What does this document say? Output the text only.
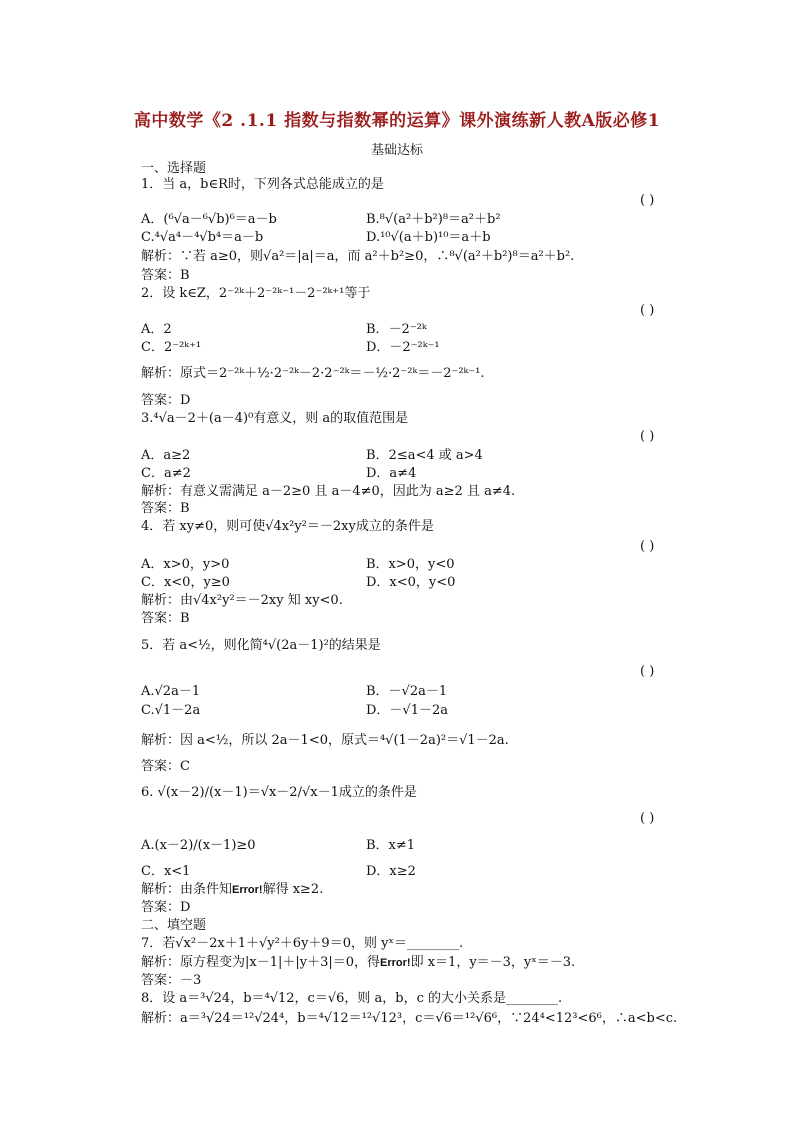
高中数学《2 .1.1 指数与指数幂的运算》课外演练新人教A版必修1
基础达标
一、选择题
1．当 a，b∈R时，下列各式总能成立的是
( )
A．(⁶√a－⁶√b)⁶＝a－b	B.⁸√(a²＋b²)⁸＝a²＋b²
C.⁴√a⁴－⁴√b⁴＝a－b	D.¹⁰√(a＋b)¹⁰＝a＋b
解析：∵若 a≥0，则√a²＝|a|＝a，而 a²＋b²≥0，∴⁸√(a²＋b²)⁸＝a²＋b².
答案：B
2．设 k∈Z，2⁻²ᵏ＋2⁻²ᵏ⁻¹－2⁻²ᵏ⁺¹等于
( )
A．2	B．－2⁻²ᵏ
C．2⁻²ᵏ⁺¹	D．－2⁻²ᵏ⁻¹
解析：原式＝2⁻²ᵏ＋½·2⁻²ᵏ－2·2⁻²ᵏ＝－½·2⁻²ᵏ＝－2⁻²ᵏ⁻¹.
答案：D
3.⁴√a－2＋(a－4)⁰有意义，则 a的取值范围是
( )
A．a≥2	B．2≤a<4 或 a>4
C．a≠2	D．a≠4
解析：有意义需满足 a－2≥0 且 a－4≠0，因此为 a≥2 且 a≠4.
答案：B
4．若 xy≠0，则可使√4x²y²＝－2xy成立的条件是
( )
A．x>0，y>0	B．x>0，y<0
C．x<0，y≥0	D．x<0，y<0
解析：由√4x²y²＝－2xy 知 xy<0.
答案：B
5．若 a<½，则化简⁴√(2a－1)²的结果是
( )
A.√2a－1	B．－√2a－1
C.√1－2a	D．－√1－2a
解析：因 a<½，所以 2a－1<0，原式＝⁴√(1－2a)²＝√1－2a.
答案：C
6. √(x－2)/(x－1)＝√x－2/√x－1成立的条件是
( )
A.(x－2)/(x－1)≥0	B．x≠1
C．x<1	D．x≥2
解析：由条件知Error!解得 x≥2.
答案：D
二、填空题
7．若√x²－2x＋1＋√y²＋6y＋9＝0，则 yˣ＝________.
解析：原方程变为|x－1|＋|y＋3|＝0，得Error!即 x＝1，y＝－3，yˣ＝－3.
答案：－3
8．设 a＝³√24，b＝⁴√12，c＝√6，则 a，b，c 的大小关系是________.
解析：a＝³√24＝¹²√24⁴，b＝⁴√12＝¹²√12³，c＝√6＝¹²√6⁶，∵24⁴<12³<6⁶，∴a<b<c.
